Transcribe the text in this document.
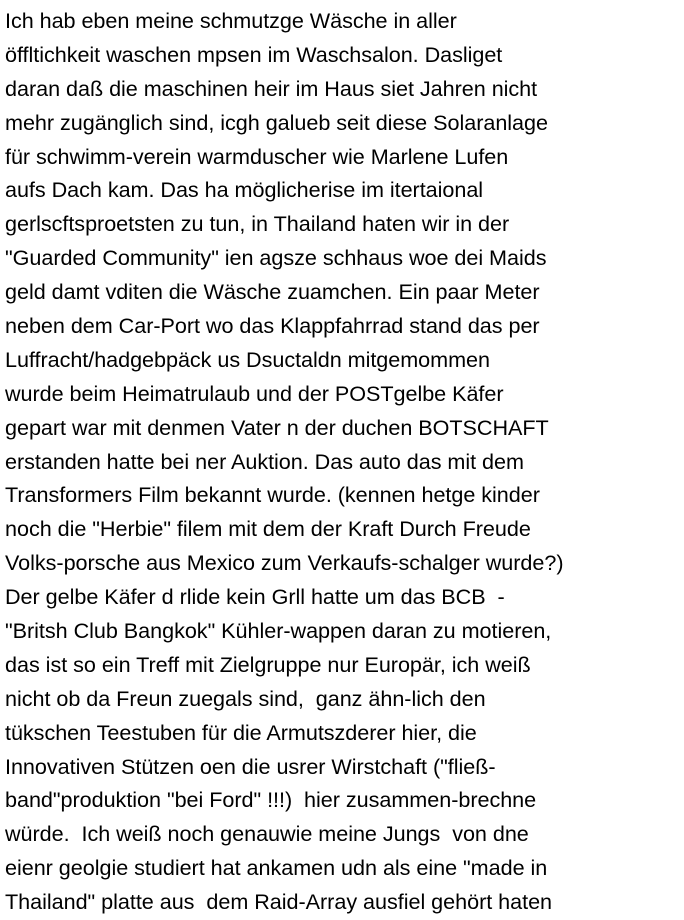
Ich hab eben meine schmutzge Wäsche in aller
öffltichkeit waschen mpsen im Waschsalon. Dasliget
daran daß die maschinen heir im Haus siet Jahren nicht
mehr zugänglich sind, icgh galueb seit diese Solaranlage
für schwimm-verein warmduscher wie Marlene Lufen
aufs Dach kam. Das ha möglicherise im itertaional
gerlscftsproetsten zu tun, in Thailand haten wir in der
"Guarded Community" ien agsze schhaus woe dei Maids
geld damt vditen die Wäsche zuamchen. Ein paar Meter
neben dem Car-Port wo das Klappfahrrad stand das per
Luffracht/hadgebpäck us Dsuctaldn mitgemommen
wurde beim Heimatrulaub und der POSTgelbe Käfer
gepart war mit denmen Vater n der duchen BOTSCHAFT
erstanden hatte bei ner Auktion. Das auto das mit dem
Transformers Film bekannt wurde. (kennen hetge kinder
noch die "Herbie" filem mit dem der Kraft Durch Freude
Volks-porsche aus Mexico zum Verkaufs-schalger wurde?)
Der gelbe Käfer d rlide kein Grll hatte um das BCB  -
"Britsh Club Bangkok" Kühler-wappen daran zu motieren,
das ist so ein Treff mit Zielgruppe nur Europär, ich weiß
nicht ob da Freun zuegals sind,  ganz ähn-lich den
tükschen Teestuben für die Armutszderer hier, die
Innovativen Stützen oen die usrer Wirstchaft ("fließ-
band"produktion "bei Ford" !!!)  hier zusammen-brechne
würde.  Ich weiß noch genauwie meine Jungs  von dne
eienr geolgie studiert hat ankamen udn als eine "made in
Thailand" platte aus  dem Raid-Array ausfiel gehört haten
